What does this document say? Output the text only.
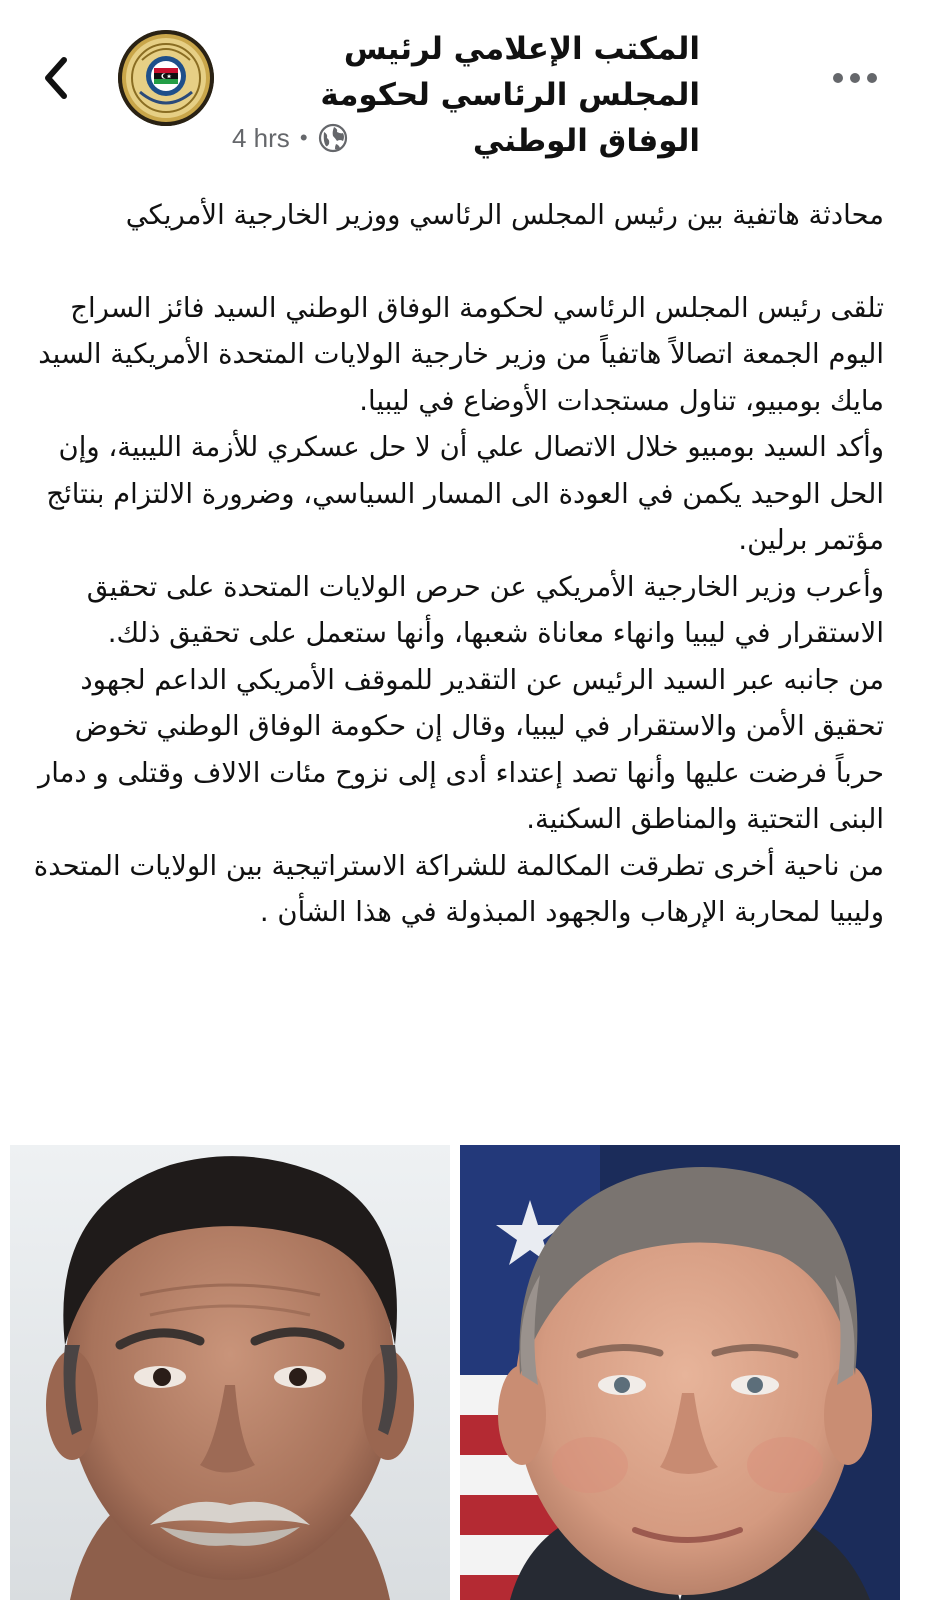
المكتب الإعلامي لرئيس المجلس الرئاسي لحكومة الوفاق الوطني
4 hrs •

محادثة هاتفية بين رئيس المجلس الرئاسي ووزير الخارجية الأمريكي

تلقى رئيس المجلس الرئاسي لحكومة الوفاق الوطني السيد فائز السراج اليوم الجمعة اتصالاً هاتفياً من وزير خارجية الولايات المتحدة الأمريكية السيد مايك بومبيو، تناول مستجدات الأوضاع في ليبيا.

وأكد السيد بومبيو خلال الاتصال علي أن لا حل عسكري للأزمة الليبية، وإن الحل الوحيد يكمن في العودة الى المسار السياسي، وضرورة الالتزام بنتائج مؤتمر برلين.

وأعرب وزير الخارجية الأمريكي عن حرص الولايات المتحدة على تحقيق الاستقرار في ليبيا وانهاء معاناة شعبها، وأنها ستعمل على تحقيق ذلك.

من جانبه عبر السيد الرئيس عن التقدير للموقف الأمريكي الداعم لجهود تحقيق الأمن والاستقرار في ليبيا، وقال إن حكومة الوفاق الوطني تخوض حرباً فرضت عليها وأنها تصد إعتداء أدى إلى نزوح مئات الالاف وقتلى و دمار البنى التحتية والمناطق السكنية.

من ناحية أخرى تطرقت المكالمة للشراكة الاستراتيجية بين الولايات المتحدة وليبيا لمحاربة الإرهاب والجهود المبذولة في هذا الشأن .
